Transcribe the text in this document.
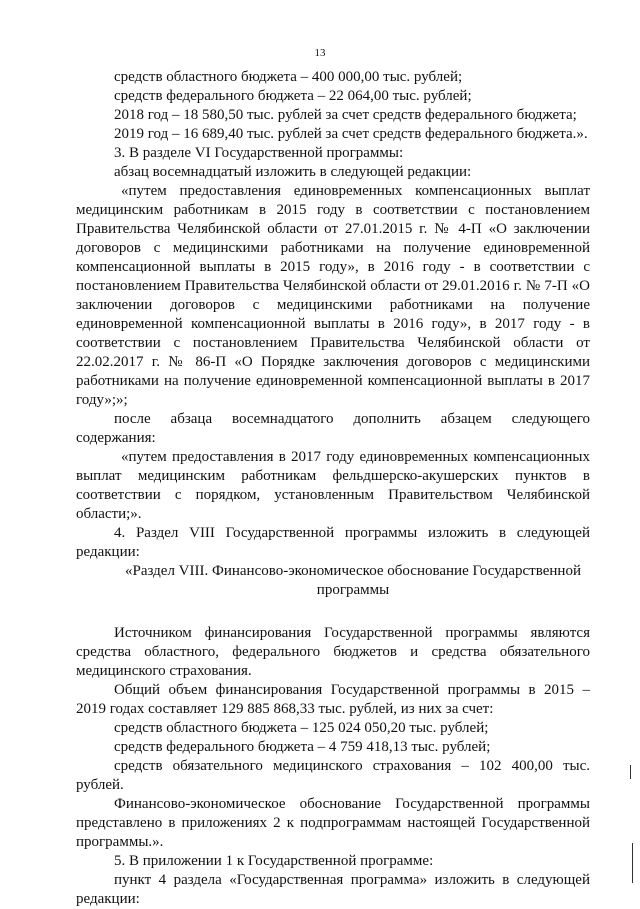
13

средств областного бюджета – 400 000,00 тыс. рублей;

средств федерального бюджета – 22 064,00 тыс. рублей;

2018 год – 18 580,50 тыс. рублей за счет средств федерального бюджета;

2019 год – 16 689,40 тыс. рублей за счет средств федерального бюджета.».

3. В разделе VI Государственной программы:

абзац восемнадцатый изложить в следующей редакции:

«путем предоставления единовременных компенсационных выплат медицинским работникам в 2015 году в соответствии с постановлением Правительства Челябинской области от 27.01.2015 г. № 4-П «О заключении договоров с медицинскими работниками на получение единовременной компенсационной выплаты в 2015 году», в 2016 году - в соответствии с постановлением Правительства Челябинской области от 29.01.2016 г. № 7-П «О заключении договоров с медицинскими работниками на получение единовременной компенсационной выплаты в 2016 году», в 2017 году - в соответствии с постановлением Правительства Челябинской области от 22.02.2017 г. № 86-П «О Порядке заключения договоров с медицинскими работниками на получение единовременной компенсационной выплаты в 2017 году»;»;

после абзаца восемнадцатого дополнить абзацем следующего содержания:

«путем предоставления в 2017 году единовременных компенсационных выплат медицинским работникам фельдшерско-акушерских пунктов в соответствии с порядком, установленным Правительством Челябинской области;».

4. Раздел VIII Государственной программы изложить в следующей редакции:

«Раздел VIII. Финансово-экономическое обоснование Государственной программы

Источником финансирования Государственной программы являются средства областного, федерального бюджетов и средства обязательного медицинского страхования.

Общий объем финансирования Государственной программы в 2015 – 2019 годах составляет 129 885 868,33 тыс. рублей, из них за счет:

средств областного бюджета – 125 024 050,20 тыс. рублей;

средств федерального бюджета – 4 759 418,13 тыс. рублей;

средств обязательного медицинского страхования – 102 400,00 тыс. рублей.

Финансово-экономическое обоснование Государственной программы представлено в приложениях 2 к подпрограммам настоящей Государственной программы.».

5. В приложении 1 к Государственной программе:

пункт 4 раздела «Государственная программа» изложить в следующей редакции:
